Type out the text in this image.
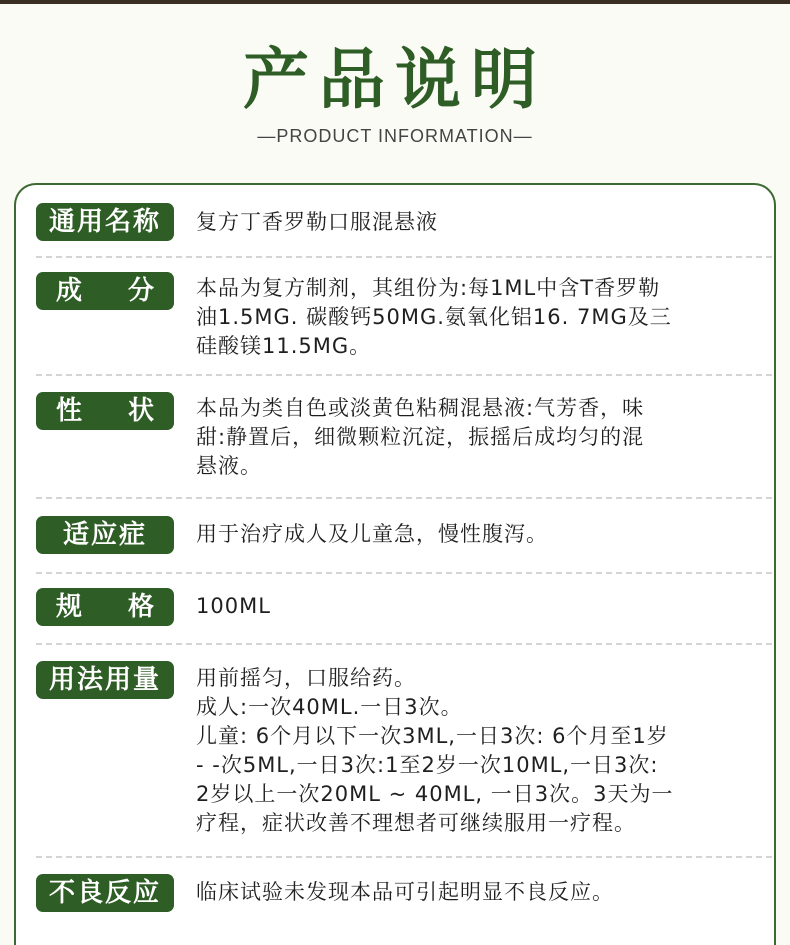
产品说明
—PRODUCT INFORMATION—
通用名称 复方丁香罗勒口服混悬液
成 分 本品为复方制剂，其组份为:每1ML中含T香罗勒
油1.5MG. 碳酸钙50MG.氨氧化铝16. 7MG及三
硅酸镁11.5MG。
性 状 本品为类自色或淡黄色粘稠混悬液:气芳香，味
甜:静置后，细微颗粒沉淀，振摇后成均匀的混
悬液。
适应症 用于治疗成人及儿童急，慢性腹泻。
规 格 100ML
用法用量 用前摇匀，口服给药。
成人:一次40ML.一日3次。
儿童: 6个月以下一次3ML,一日3次: 6个月至1岁
- -次5ML,一日3次:1至2岁一次10ML,一日3次:
2岁以上一次20ML ~ 40ML, 一日3次。3天为一
疗程，症状改善不理想者可继续服用一疗程。
不良反应 临床试验未发现本品可引起明显不良反应。
